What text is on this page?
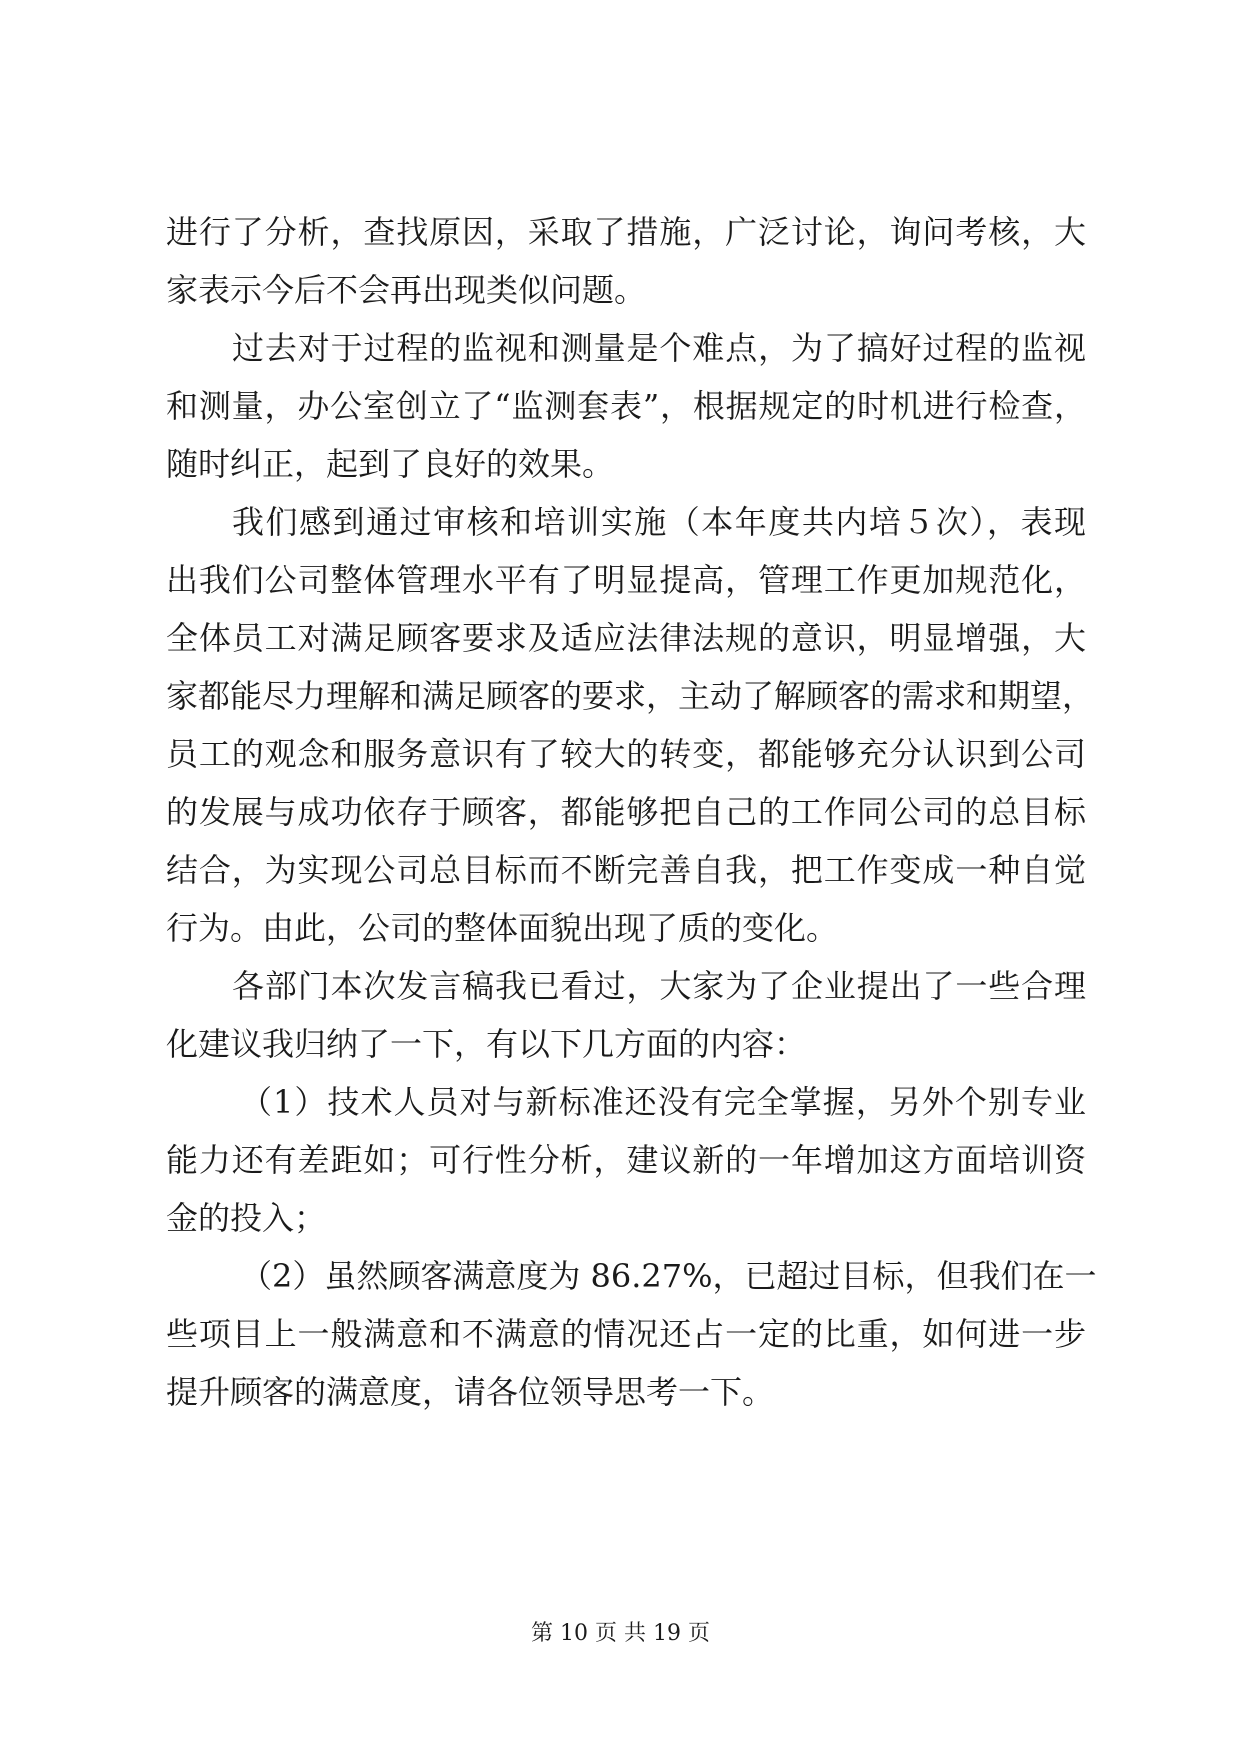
进行了分析，查找原因，采取了措施，广泛讨论，询问考核，大
家表示今后不会再出现类似问题。
过去对于过程的监视和测量是个难点，为了搞好过程的监视
和测量，办公室创立了“监测套表”，根据规定的时机进行检查，
随时纠正，起到了良好的效果。
我们感到通过审核和培训实施（本年度共内培５次），表现
出我们公司整体管理水平有了明显提高，管理工作更加规范化，
全体员工对满足顾客要求及适应法律法规的意识，明显增强，大
家都能尽力理解和满足顾客的要求，主动了解顾客的需求和期望，
员工的观念和服务意识有了较大的转变，都能够充分认识到公司
的发展与成功依存于顾客，都能够把自己的工作同公司的总目标
结合，为实现公司总目标而不断完善自我，把工作变成一种自觉
行为。由此，公司的整体面貌出现了质的变化。
各部门本次发言稿我已看过，大家为了企业提出了一些合理
化建议我归纳了一下，有以下几方面的内容：
（1）技术人员对与新标准还没有完全掌握，另外个别专业
能力还有差距如；可行性分析，建议新的一年增加这方面培训资
金的投入；
（2）虽然顾客满意度为 86.27%，已超过目标，但我们在一
些项目上一般满意和不满意的情况还占一定的比重，如何进一步
提升顾客的满意度，请各位领导思考一下。
第 10 页 共 19 页
